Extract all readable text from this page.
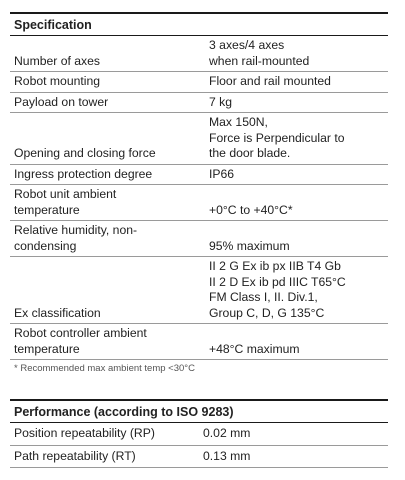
Specification
Number of axes	3 axes/4 axes
when rail-mounted

Robot mounting	Floor and rail mounted

Payload on tower	7 kg

Opening and closing force	Max 150N,
Force is Perpendicular to
the door blade.

Ingress protection degree	IP66

Robot unit ambient
temperature	+0°C to +40°C*

Relative humidity, non-
condensing	95% maximum

Ex classification	II 2 G Ex ib px IIB T4 Gb
II 2 D Ex ib pd IIIC T65°C
FM Class I, II. Div.1,
Group C, D, G 135°C

Robot controller ambient
temperature	+48°C maximum
* Recommended max ambient temp <30°C
Performance (according to ISO 9283)
Position repeatability (RP)	0.02 mm

Path repeatability (RT)	0.13 mm
